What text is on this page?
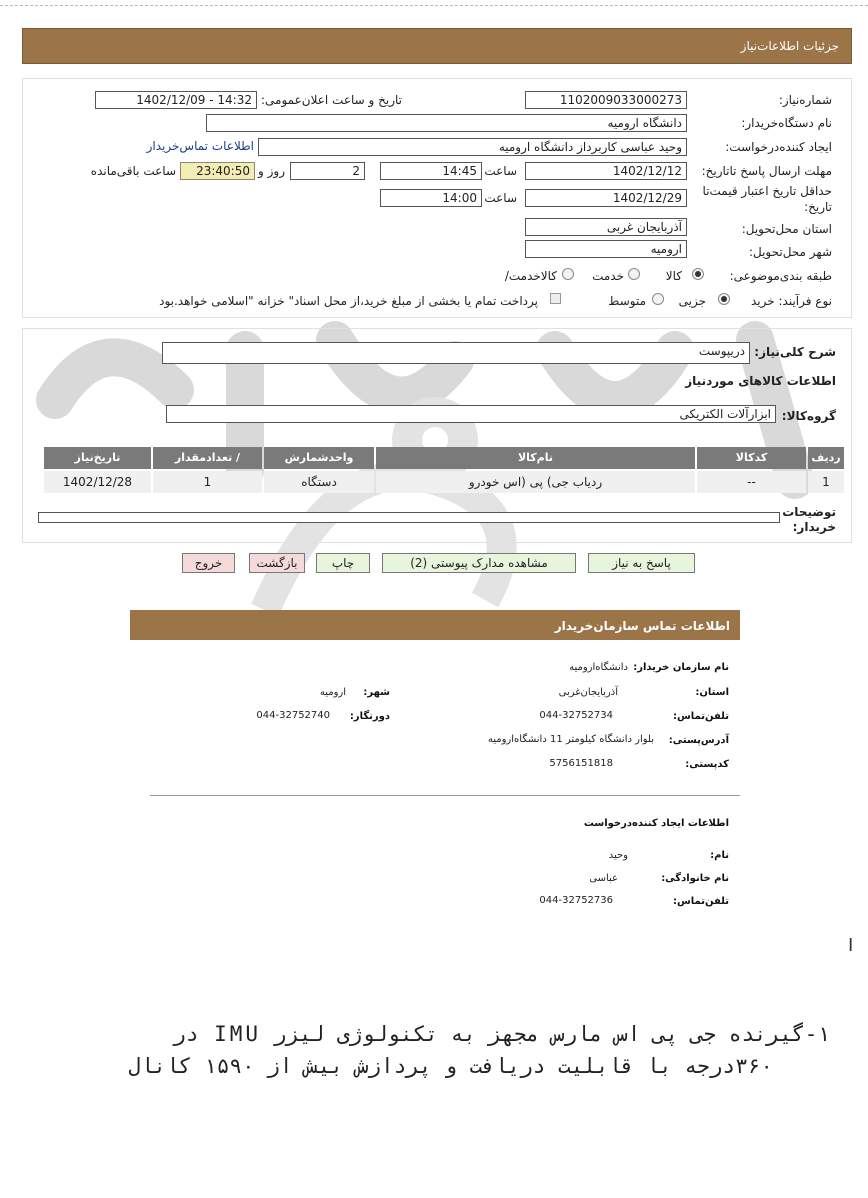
جزئیات اطلاعات‌نیاز
شماره‌نیاز:
1102009033000273
تاریخ و ساعت اعلان‌عمومی:
1402/12/09 - 14:32
نام دستگاه‌خریدار:
دانشگاه ارومیه
ایجاد کننده‌درخواست:
وحید عباسی کاربرداز دانشگاه ارومیه
اطلاعات تماس‌خریدار
مهلت ارسال پاسخ تا‌تاریخ:
1402/12/12
ساعت
14:45
2
روز و
23:40:50
ساعت باقی‌مانده
حداقل تاریخ اعتبار قیمت‌تا
تاریخ:
1402/12/29
ساعت
14:00
استان محل‌تحویل:
آذربایجان غربی
شهر محل‌تحویل:
ارومیه
طبقه بندی‌موضوعی:
کالا
خدمت
کالا‌خدمت/
نوع فرآیند: خرید
جزیی
متوسط
پرداخت تمام یا بخشی از مبلغ خرید،از محل اسناد" خزانه "اسلامی خواهد.بود
شرح کلی‌نیاز:
دریپوست
اطلاعات کالاهای موردنیاز
گروه‌کالا:
ابزارآلات الکتریکی
ردیف
کدکالا
نام‌کالا
واحدشمارش
تعدادمقدار /
تاریخ‌نیاز
1
--
ردیاب جی) پی (اس خودرو
دستگاه
1
1402/12/28
توضیحات
خریدار:
پاسخ به نیاز
مشاهده مدارک پیوستی (2)
چاپ
بازگشت
خروج
اطلاعات تماس سازمان‌خریدار
نام سازمان خریدار:
دانشگاه‌ارومیه
استان:
آذربایجان‌غربی
شهر:
ارومیه
تلفن‌تماس:
044-32752734
دورنگار:
044-32752740
آدرس‌پستی:
بلوار دانشگاه کیلومتر 11 دانشگاه‌ارومیه
کدپستی:
5756151818
اطلاعات ایجاد کننده‌درخواست
نام:
وحید
نام خانوادگی:
عباسی
تلفن‌تماس:
044-32752736
I
۱-گیرنده جی پی اس مارس مجهز به تکنولوژی لیزر IMU در
۳۶۰درجه با قابلیت دریافت و پردازش بیش از ۱۵۹۰ کانال
